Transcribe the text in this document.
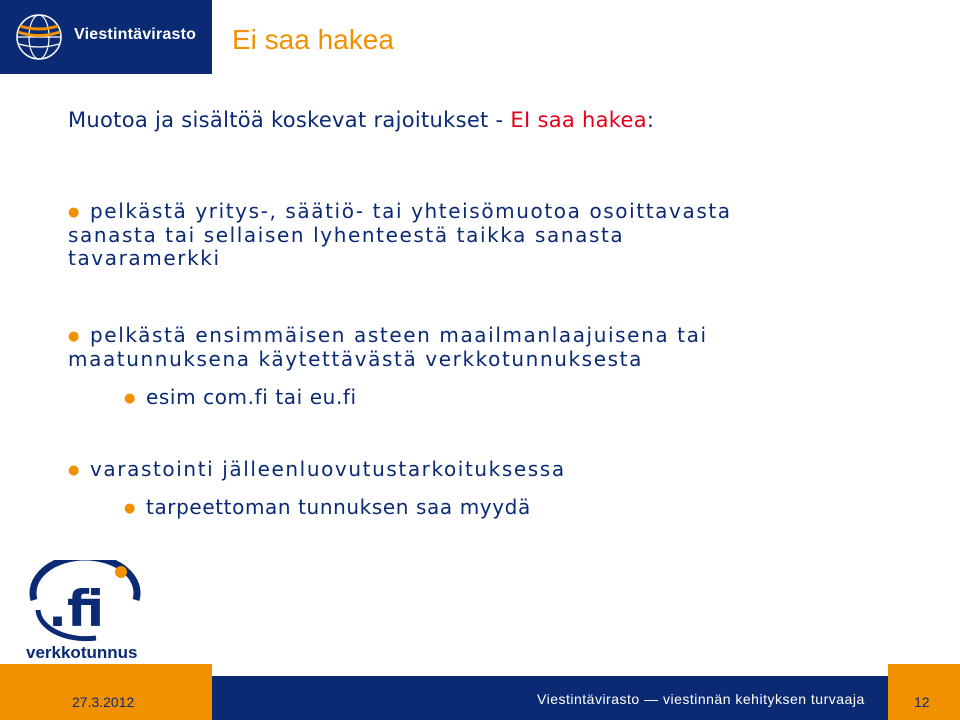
Viestintävirasto Ei saa hakea
Muotoa ja sisältöä koskevat rajoitukset - EI saa hakea:
● pelkästä yritys-, säätiö- tai yhteisömuotoa osoittavasta
sanasta tai sellaisen lyhenteestä taikka sanasta
tavaramerkki
● pelkästä ensimmäisen asteen maailmanlaajuisena tai
maatunnuksena käytettävästä verkkotunnuksesta
● esim com.fi tai eu.fi
● varastointi jälleenluovutustarkoituksessa
● tarpeettoman tunnuksen saa myydä
.fi
verkkotunnus
27.3.2012	Viestintävirasto — viestinnän kehityksen turvaaja	12
